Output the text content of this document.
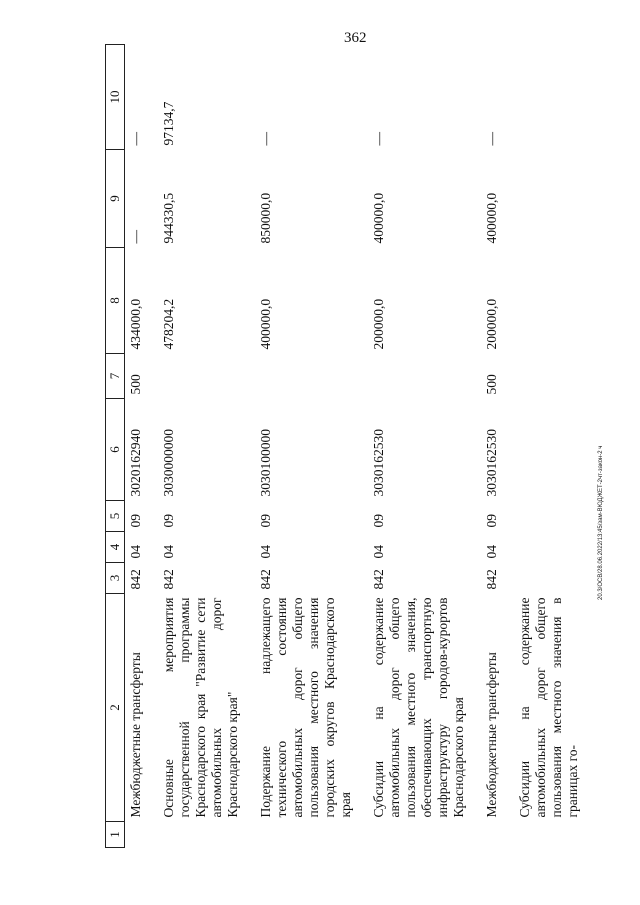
362
20.3/ОСВ/28.06.2022/13:45/зам-ВЮДЖЕТ-2чт-закон-2 ч
1	2	3	4	5	6	7	8	9	10
	Межбюджетные трансферты	842	04	09	3020162940	500	434000,0	—	—
	Основные мероприятия государственной программы Краснодарского края "Развитие сети автомобильных дорог Краснодарского края"	842	04	09	3030000000		478204,2	944330,5	97134,7
	Подержание надлежащего технического состояния автомобильных дорог общего пользования местного значения городских округов Краснодарского края	842	04	09	3030100000		400000,0	850000,0	—
	Субсидии на содержание автомобильных дорог общего пользования местного значения, обеспечивающих транспортную инфраструктуру городов-курортов Краснодарского края	842	04	09	3030162530		200000,0	400000,0	—
	Межбюджетные трансферты	842	04	09	3030162530	500	200000,0	400000,0	—
	Субсидии на содержание автомобильных дорог общего пользования местного значения в границах го-								
